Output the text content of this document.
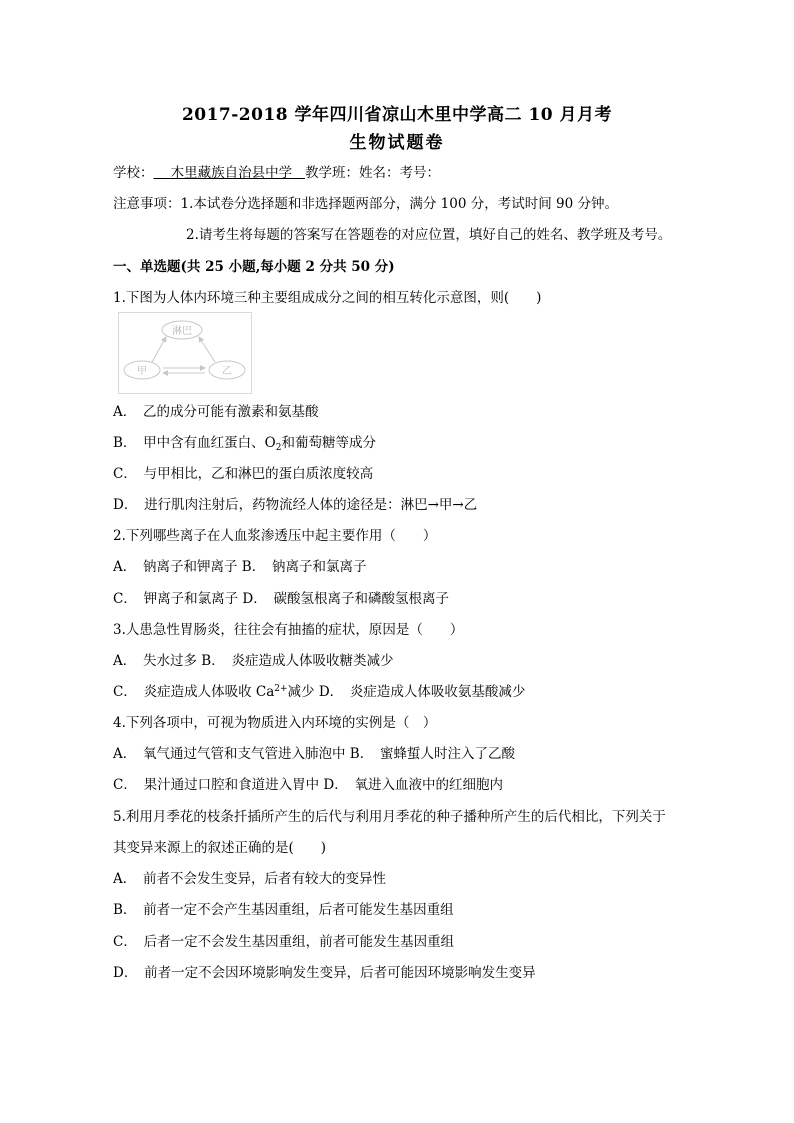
2017-2018 学年四川省凉山木里中学高二 10 月月考
生物试题卷
学校： 木里藏族自治县中学 教学班：姓名：考号：
注意事项：1.本试卷分选择题和非选择题两部分，满分 100 分，考试时间 90 分钟。
2.请考生将每题的答案写在答题卷的对应位置，填好自己的姓名、教学班及考号。
一、单选题(共 25 小题,每小题 2 分共 50 分)
1.下图为人体内环境三种主要组成成分之间的相互转化示意图，则(　　)
淋巴
甲	乙
A．　乙的成分可能有激素和氨基酸
B．　甲中含有血红蛋白、$O_2$和葡萄糖等成分
C．　与甲相比，乙和淋巴的蛋白质浓度较高
D．　进行肌肉注射后，药物流经人体的途径是：淋巴→甲→乙
2.下列哪些离子在人血浆渗透压中起主要作用（　　）
A．　钠离子和钾离子 B．　钠离子和氯离子
C．　钾离子和氯离子 D．　碳酸氢根离子和磷酸氢根离子
3.人患急性胃肠炎，往往会有抽搐的症状，原因是（　　）
A．　失水过多 B．　炎症造成人体吸收糖类减少
C．　炎症造成人体吸收 $Ca^{2+}$减少 D．　炎症造成人体吸收氨基酸减少
4.下列各项中，可视为物质进入内环境的实例是（　）
A．　氧气通过气管和支气管进入肺泡中 B．　蜜蜂蜇人时注入了乙酸
C．　果汁通过口腔和食道进入胃中 D．　氧进入血液中的红细胞内
5.利用月季花的枝条扦插所产生的后代与利用月季花的种子播种所产生的后代相比，下列关于
其变异来源上的叙述正确的是(　　)
A．　前者不会发生变异，后者有较大的变异性
B．　前者一定不会产生基因重组，后者可能发生基因重组
C．　后者一定不会发生基因重组，前者可能发生基因重组
D．　前者一定不会因环境影响发生变异，后者可能因环境影响发生变异
